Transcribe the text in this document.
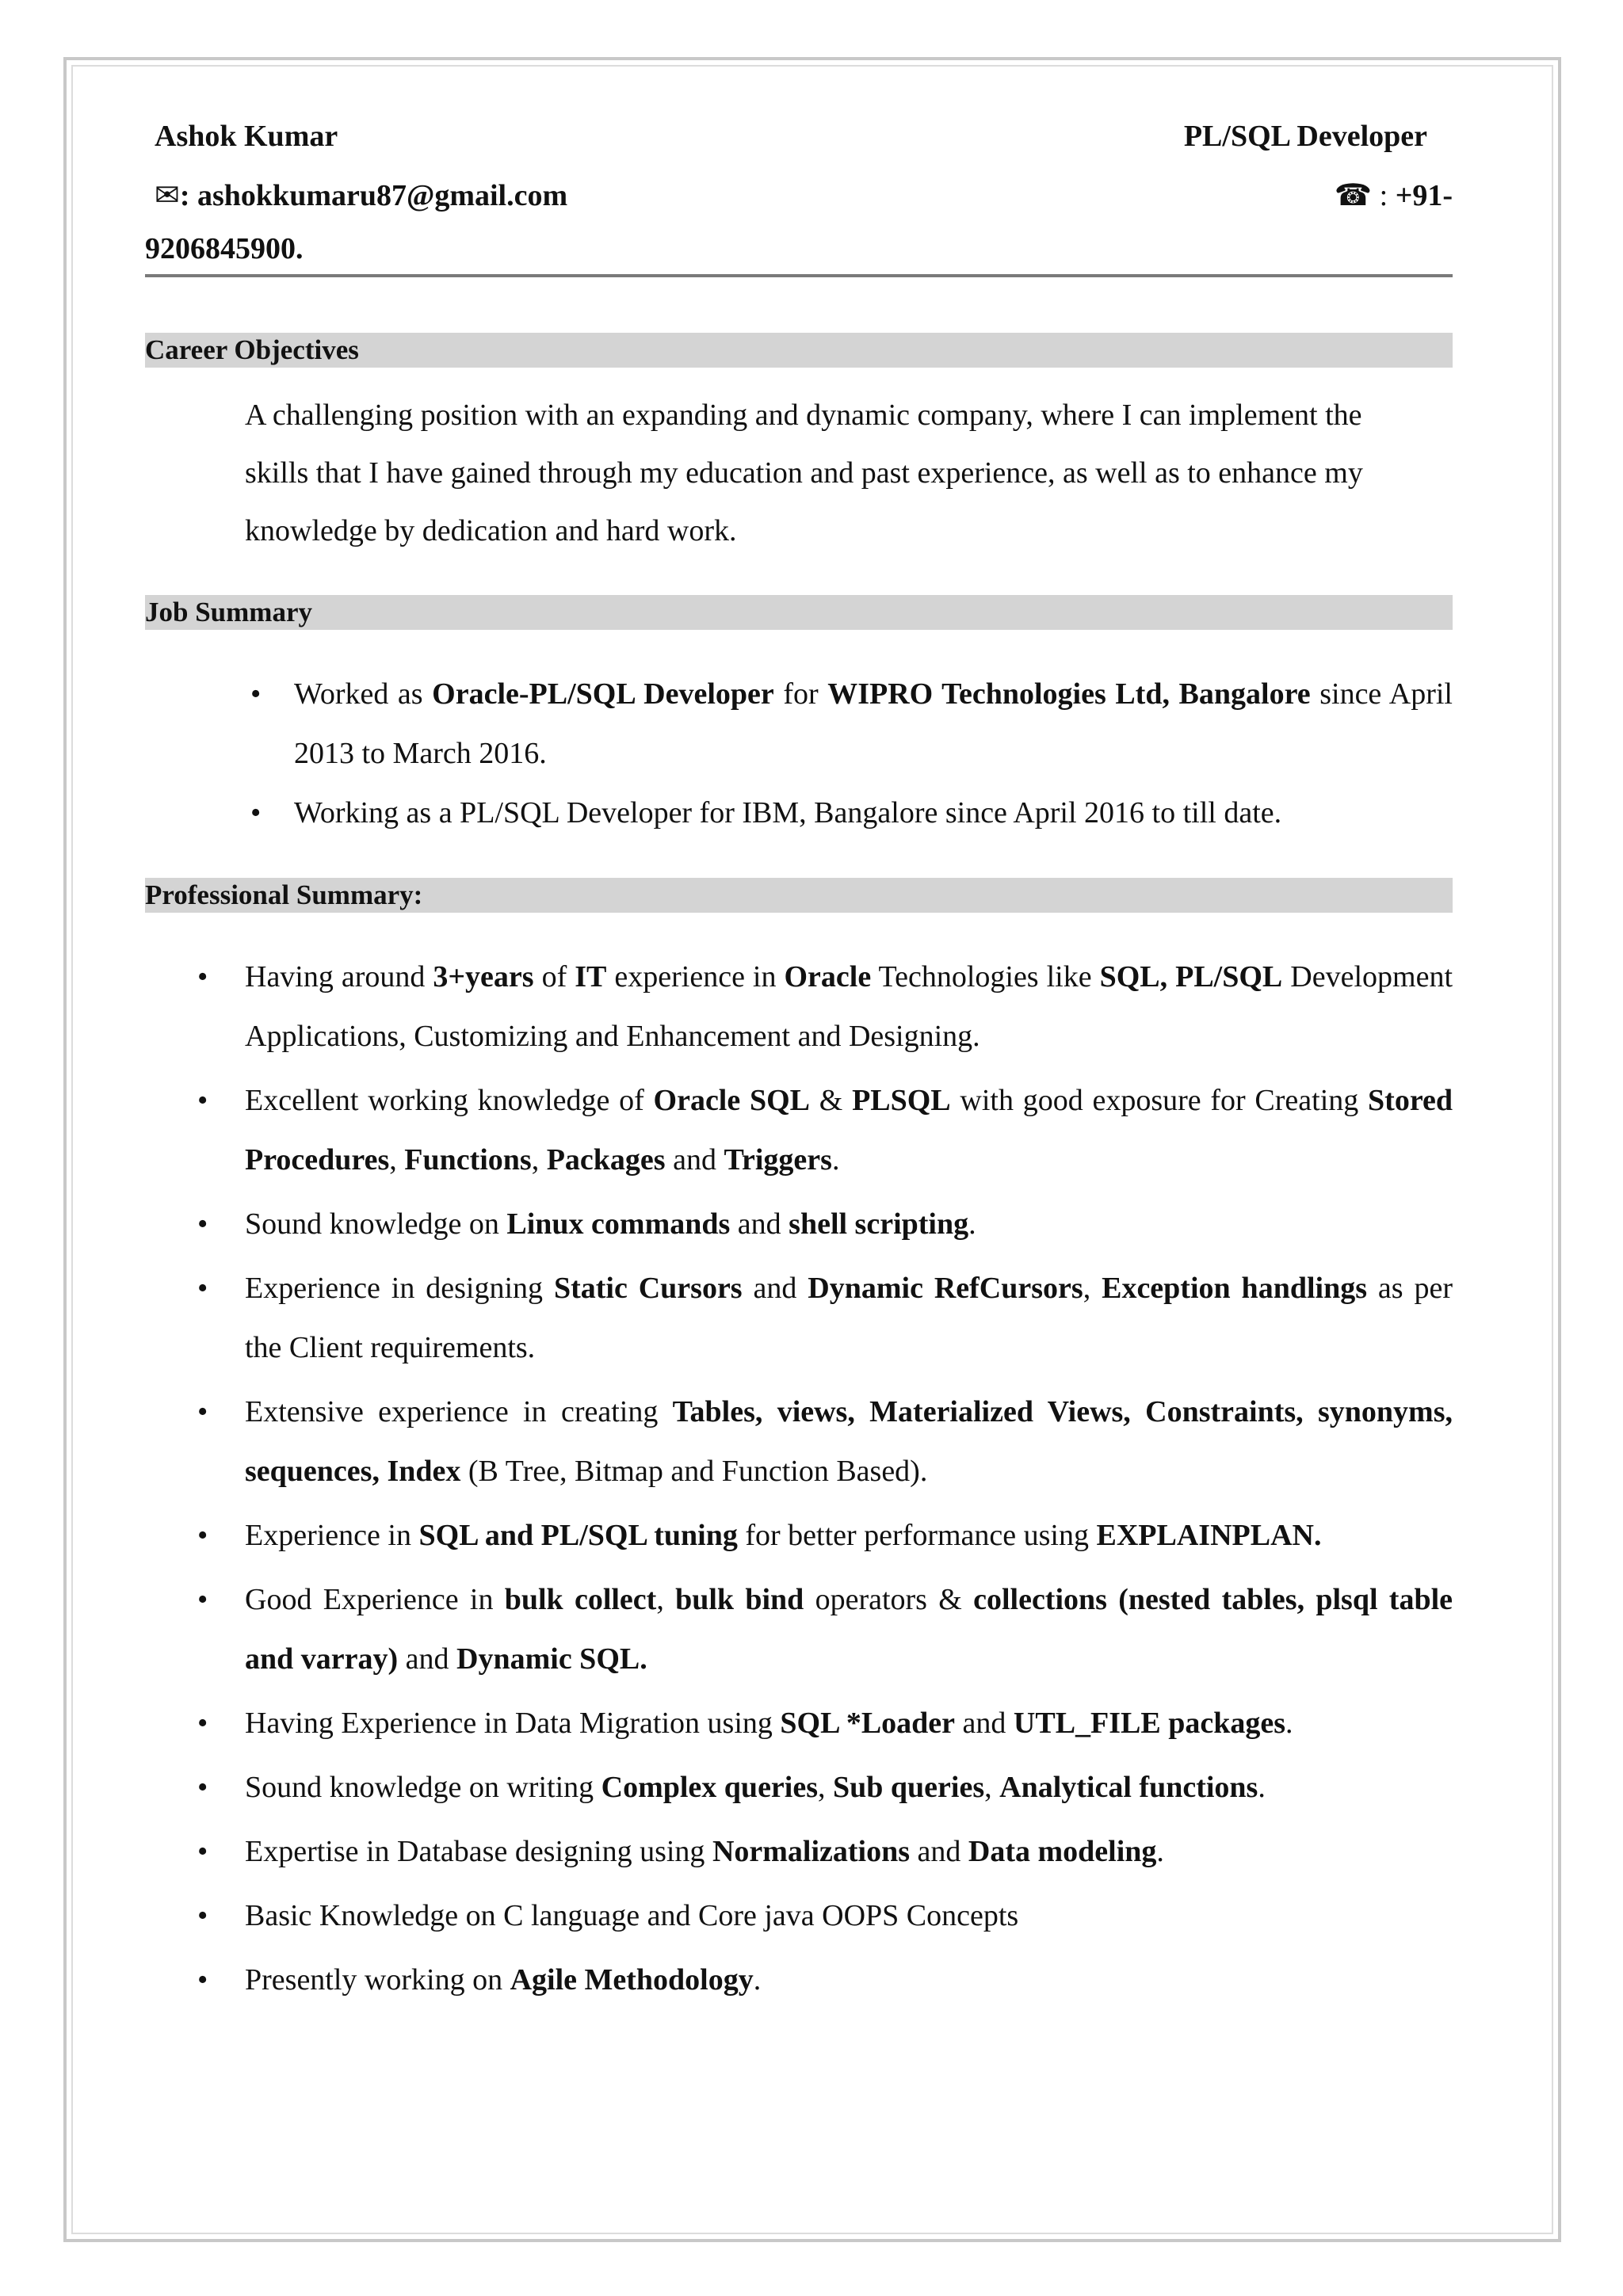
Ashok Kumar	PL/SQL Developer
✉: ashokkumaru87@gmail.com	☎ : +91-
9206845900.
Career Objectives
A challenging position with an expanding and dynamic company, where I can implement the skills that I have gained through my education and past experience, as well as to enhance my knowledge by dedication and hard work.
Job Summary
• Worked as Oracle-PL/SQL Developer for WIPRO Technologies Ltd, Bangalore since April 2013 to March 2016.
• Working as a PL/SQL Developer for IBM, Bangalore since April 2016 to till date.
Professional Summary:
• Having around 3+years of IT experience in Oracle Technologies like SQL, PL/SQL Development Applications, Customizing and Enhancement and Designing.
• Excellent working knowledge of Oracle SQL & PLSQL with good exposure for Creating Stored Procedures, Functions, Packages and Triggers.
• Sound knowledge on Linux commands and shell scripting.
• Experience in designing Static Cursors and Dynamic RefCursors, Exception handlings as per the Client requirements.
• Extensive experience in creating Tables, views, Materialized Views, Constraints, synonyms, sequences, Index (B Tree, Bitmap and Function Based).
• Experience in SQL and PL/SQL tuning for better performance using EXPLAINPLAN.
• Good Experience in bulk collect, bulk bind operators & collections (nested tables, plsql table and varray) and Dynamic SQL.
• Having Experience in Data Migration using SQL *Loader and UTL_FILE packages.
• Sound knowledge on writing Complex queries, Sub queries, Analytical functions.
• Expertise in Database designing using Normalizations and Data modeling.
• Basic Knowledge on C language and Core java OOPS Concepts
• Presently working on Agile Methodology.
